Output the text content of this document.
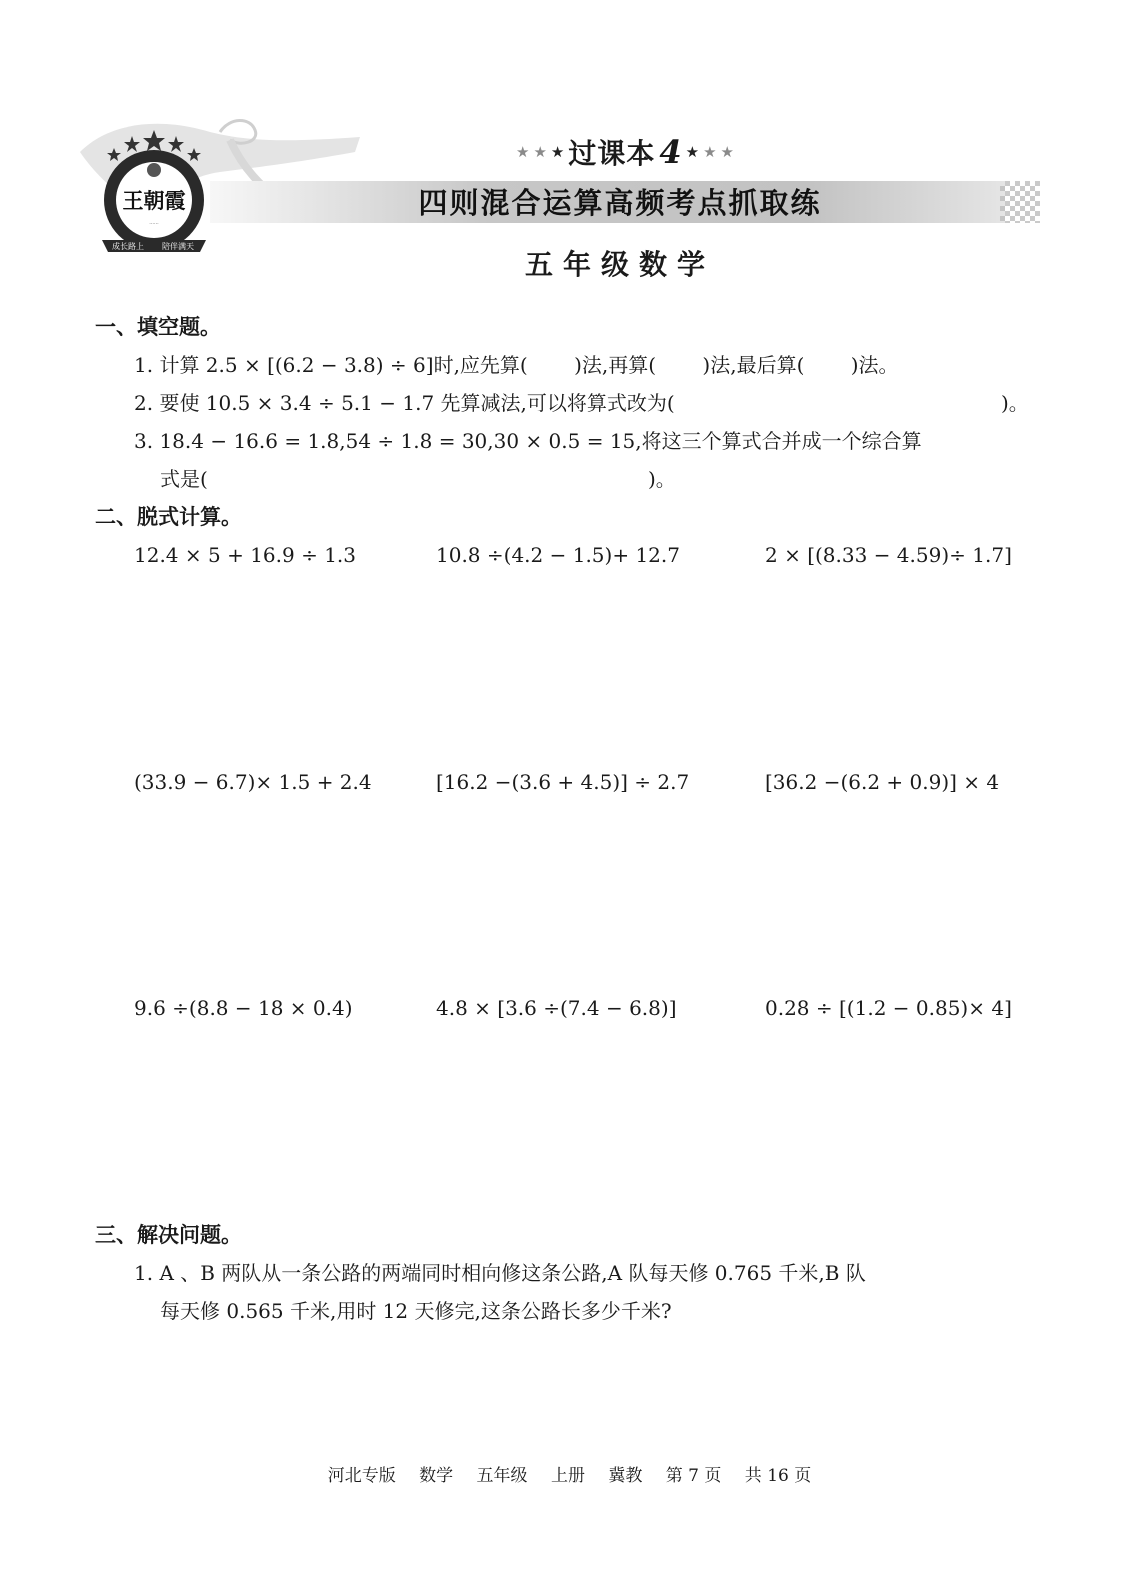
王朝霞
······
成长路上 陪伴满天
★ ★ ★ 过课本 4 ★ ★ ★
四则混合运算高频考点抓取练
五年级数学
一、填空题。
1. 计算 2.5 × [(6.2 − 3.8) ÷ 6]时,应先算(　　 )法,再算(　　 )法,最后算(　　 )法。
2. 要使 10.5 × 3.4 ÷ 5.1 − 1.7 先算减法,可以将算式改为(	)。
3. 18.4 − 16.6 = 1.8,54 ÷ 1.8 = 30,30 × 0.5 = 15,将这三个算式合并成一个综合算
式是(	)。
二、脱式计算。
12.4 × 5 + 16.9 ÷ 1.3	10.8 ÷(4.2 − 1.5)+ 12.7	2 × [(8.33 − 4.59)÷ 1.7]
(33.9 − 6.7)× 1.5 + 2.4	[16.2 −(3.6 + 4.5)] ÷ 2.7	[36.2 −(6.2 + 0.9)] × 4
9.6 ÷(8.8 − 18 × 0.4)	4.8 × [3.6 ÷(7.4 − 6.8)]	0.28 ÷ [(1.2 − 0.85)× 4]
三、解决问题。
1. A 、B 两队从一条公路的两端同时相向修这条公路,A 队每天修 0.765 千米,B 队
每天修 0.565 千米,用时 12 天修完,这条公路长多少千米?
河北专版 数学 五年级 上册 冀教 第 7 页 共 16 页
